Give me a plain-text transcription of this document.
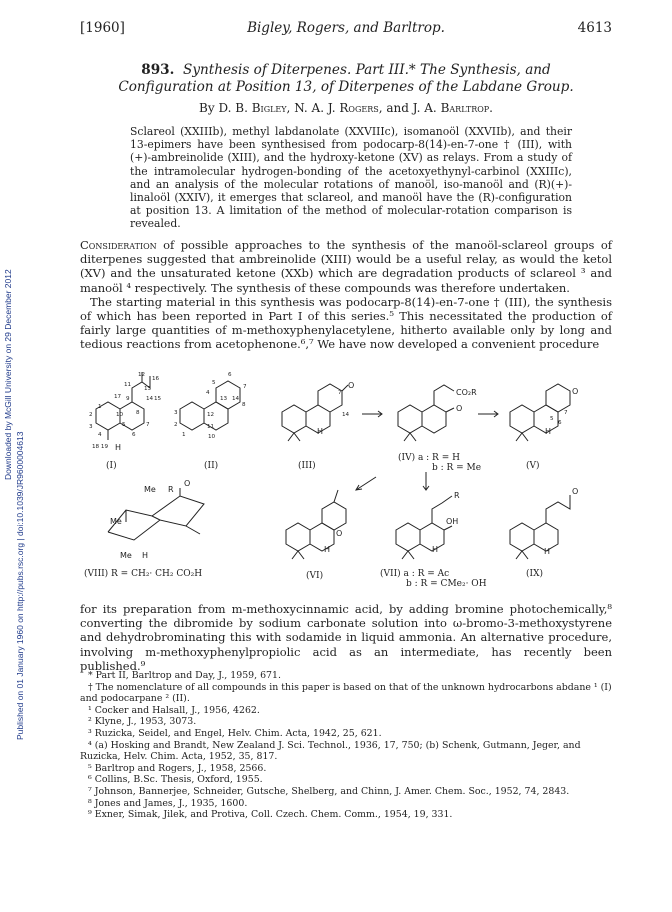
Downloaded by McGill University on 29 December 2012
Published on 01 January 1960 on http://pubs.rsc.org | doi:10.1039/JR9600004613
[1960]	Bigley, Rogers, and Barltrop.	4613
893. Synthesis of Diterpenes. Part III.* The Synthesis, and
Configuration at Position 13, of Diterpenes of the Labdane Group.
By D. B. Bigley, N. A. J. Rogers, and J. A. Barltrop.
Sclareol (XXIIIb), methyl labdanolate (XXVIIIc), isomanoöl (XXVIIb), and their 13-epimers have been synthesised from podocarp-8(14)-en-7-one † (III), with (+)-ambreinolide (XIII), and the hydroxy-ketone (XV) as relays. From a study of the intramolecular hydrogen-bonding of the acetoxyethynyl-carbinol (XXIIIc), and an analysis of the molecular rotations of manoöl, iso-manoöl and (R)(+)-linaloöl (XXIV), it emerges that sclareol, and manoöl have the (R)-configuration at position 13. A limitation of the method of molecular-rotation comparison is revealed.

Consideration of possible approaches to the synthesis of the manoöl-sclareol groups of diterpenes suggested that ambreinolide (XIII) would be a useful relay, as would the ketol (XV) and the unsaturated ketone (XXb) which are degradation products of sclareol ³ and manoöl ⁴ respectively. The synthesis of these compounds was therefore undertaken.

The starting material in this synthesis was podocarp-8(14)-en-7-one † (III), the synthesis of which has been reported in Part I of this series.⁵ This necessitated the production of fairly large quantities of m-methoxyphenylacetylene, hitherto available only by long and tedious reactions from acetophenone.⁶,⁷ We have now developed a convenient procedure

H
O
H
CO₂R
O
O
H
Me R
O
Me
Me H
O
H
R
OH
H
O
H
12
16
11
13
17 9	14 15
1
2	10 8
3	5	7
4	6
18 19
6
5
7
4
13 14
8
3	12
2	11
1	10
7
14
5
6
7
(I)	(II)	(III)
(IV) a : R = H
b : R = Me	(V)
(VI)	(VII) a : R = Ac
b : R = CMe₂· OH
(VIII) R = CH₂· CH₂ CO₂H	(IX)

for its preparation from m-methoxycinnamic acid, by adding bromine photochemically,⁸ converting the dibromide by sodium carbonate solution into ω-bromo-3-methoxystyrene and dehydrobrominating this with sodamide in liquid ammonia. An alternative procedure, involving m-methoxyphenylpropiolic acid as an intermediate, has recently been published.⁹

* Part II, Barltrop and Day, J., 1959, 671.
† The nomenclature of all compounds in this paper is based on that of the unknown hydrocarbons abdane ¹ (I) and podocarpane ² (II).
¹ Cocker and Halsall, J., 1956, 4262.
² Klyne, J., 1953, 3073.
³ Ruzicka, Seidel, and Engel, Helv. Chim. Acta, 1942, 25, 621.
⁴ (a) Hosking and Brandt, New Zealand J. Sci. Technol., 1936, 17, 750; (b) Schenk, Gutmann, Jeger, and Ruzicka, Helv. Chim. Acta, 1952, 35, 817.
⁵ Barltrop and Rogers, J., 1958, 2566.
⁶ Collins, B.Sc. Thesis, Oxford, 1955.
⁷ Johnson, Bannerjee, Schneider, Gutsche, Shelberg, and Chinn, J. Amer. Chem. Soc., 1952, 74, 2843.
⁸ Jones and James, J., 1935, 1600.
⁹ Exner, Simak, Jilek, and Protiva, Coll. Czech. Chem. Comm., 1954, 19, 331.
